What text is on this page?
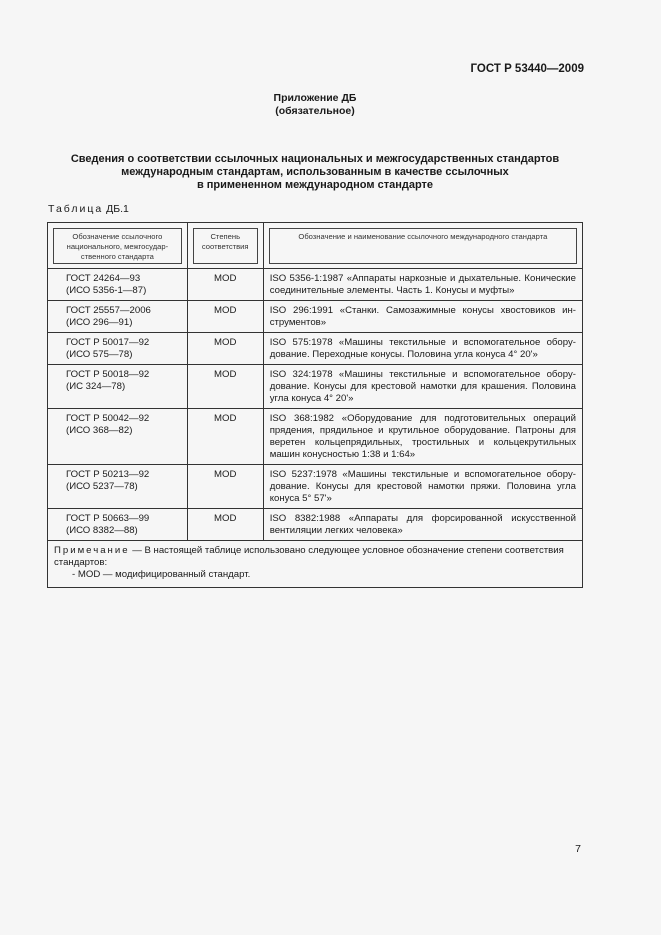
ГОСТ Р 53440—2009
Приложение ДБ
(обязательное)
Сведения о соответствии ссылочных национальных и межгосударственных стандартов
международным стандартам, использованным в качестве ссылочных
в примененном международном стандарте
Таблица ДБ.1
Обозначение ссылочного национального, межгосударственного стандарта	Степень соответствия	Обозначение и наименование ссылочного международного стандарта

ГОСТ 24264—93
(ИСО 5356-1—87)	MOD	ISO 5356-1:1987 «Аппараты наркозные и дыхательные. Конические соединительные элементы. Часть 1. Конусы и муфты»

ГОСТ 25557—2006
(ИСО 296—91)	MOD	ISO 296:1991 «Станки. Самозажимные конусы хвостовиков инструментов»

ГОСТ Р 50017—92
(ИСО 575—78)	MOD	ISO 575:1978 «Машины текстильные и вспомогательное оборудование. Переходные конусы. Половина угла конуса 4° 20'»

ГОСТ Р 50018—92
(ИС 324—78)	MOD	ISO 324:1978 «Машины текстильные и вспомогательное оборудование. Конусы для крестовой намотки для крашения. Половина угла конуса 4° 20'»

ГОСТ Р 50042—92
(ИСО 368—82)	MOD	ISO 368:1982 «Оборудование для подготовительных операций прядения, прядильное и крутильное оборудование. Патроны для веретен кольцепрядильных, тростильных и кольцекрутильных машин конусностью 1:38 и 1:64»

ГОСТ Р 50213—92
(ИСО 5237—78)	MOD	ISO 5237:1978 «Машины текстильные и вспомогательное оборудование. Конусы для крестовой намотки пряжи. Половина угла конуса 5° 57'»

ГОСТ Р 50663—99
(ИСО 8382—88)	MOD	ISO 8382:1988 «Аппараты для форсированной искусственной вентиляции легких человека»
Примечание — В настоящей таблице использовано следующее условное обозначение степени соответствия стандартов:
- MOD — модифицированный стандарт.		
7
